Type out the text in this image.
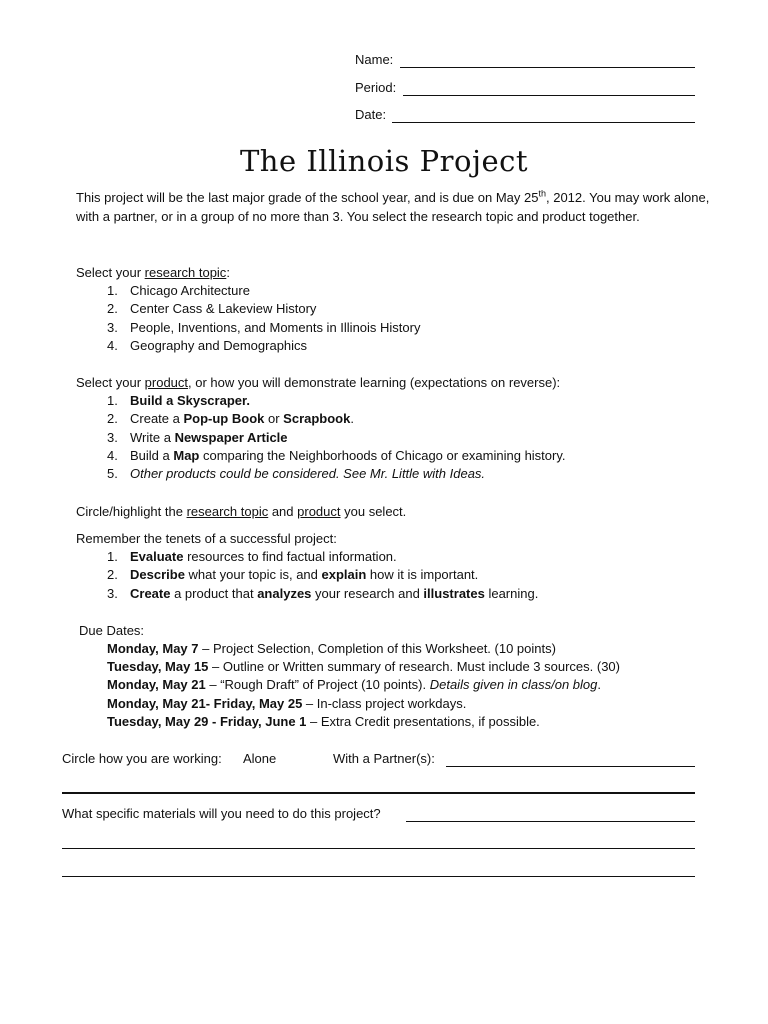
Name:
Period:
Date:
The Illinois Project
This project will be the last major grade of the school year, and is due on May 25th, 2012. You may work alone, with a partner, or in a group of no more than 3. You select the research topic and product together.
Select your research topic:
1. Chicago Architecture
2. Center Cass & Lakeview History
3. People, Inventions, and Moments in Illinois History
4. Geography and Demographics
Select your product, or how you will demonstrate learning (expectations on reverse):
1. Build a Skyscraper.
2. Create a Pop-up Book or Scrapbook.
3. Write a Newspaper Article
4. Build a Map comparing the Neighborhoods of Chicago or examining history.
5. Other products could be considered. See Mr. Little with Ideas.
Circle/highlight the research topic and product you select.
Remember the tenets of a successful project:
1. Evaluate resources to find factual information.
2. Describe what your topic is, and explain how it is important.
3. Create a product that analyzes your research and illustrates learning.
Due Dates:
Monday, May 7 – Project Selection, Completion of this Worksheet. (10 points)
Tuesday, May 15 – Outline or Written summary of research. Must include 3 sources. (30)
Monday, May 21 – “Rough Draft” of Project (10 points). Details given in class/on blog.
Monday, May 21- Friday, May 25 – In-class project workdays.
Tuesday, May 29 - Friday, June 1 – Extra Credit presentations, if possible.
Circle how you are working: Alone	With a Partner(s):
What specific materials will you need to do this project?
